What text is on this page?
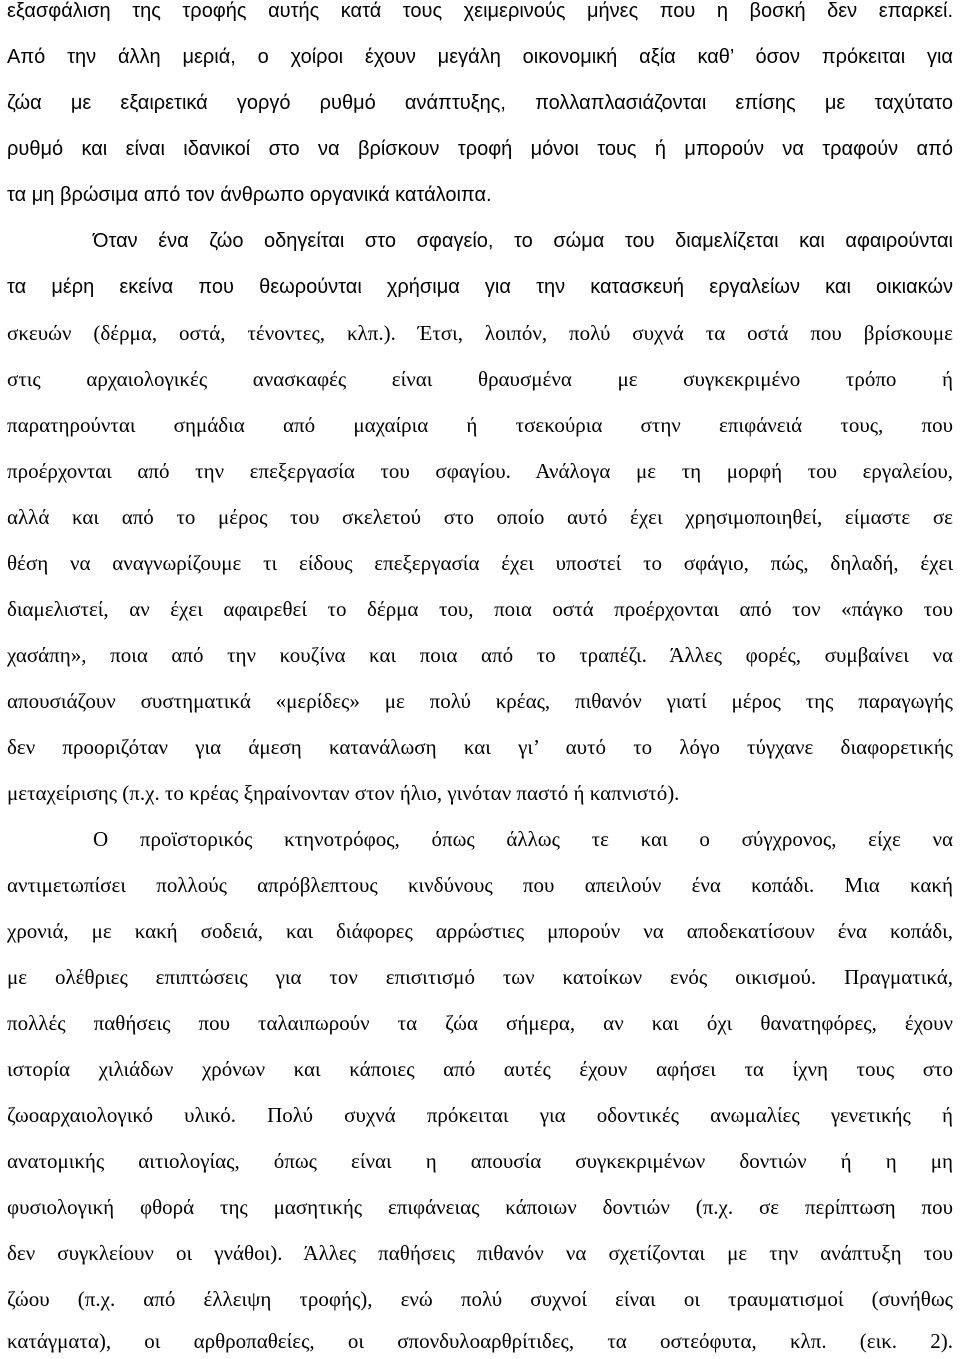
εξασφάλιση της τροφής αυτής κατά τους χειμερινούς μήνες που η βοσκή δεν επαρκεί.
Από την άλλη μεριά, ο χοίροι έχουν μεγάλη οικονομική αξία καθ’ όσον πρόκειται για
ζώα με εξαιρετικά γοργό ρυθμό ανάπτυξης, πολλαπλασιάζονται επίσης με ταχύτατο
ρυθμό και είναι ιδανικοί στο να βρίσκουν τροφή μόνοι τους ή μπορούν να τραφούν από
τα μη βρώσιμα από τον άνθρωπο οργανικά κατάλοιπα.
Όταν ένα ζώο οδηγείται στο σφαγείο, το σώμα του διαμελίζεται και αφαιρούνται
τα μέρη εκείνα που θεωρούνται χρήσιμα για την κατασκευή εργαλείων και οικιακών
σκευών (δέρμα, οστά, τένοντες, κλπ.). Έτσι, λοιπόν, πολύ συχνά τα οστά που βρίσκουμε
στις αρχαιολογικές ανασκαφές είναι θραυσμένα με συγκεκριμένο τρόπο ή
παρατηρούνται σημάδια από μαχαίρια ή τσεκούρια στην επιφάνειά τους, που
προέρχονται από την επεξεργασία του σφαγίου. Ανάλογα με τη μορφή του εργαλείου,
αλλά και από το μέρος του σκελετού στο οποίο αυτό έχει χρησιμοποιηθεί, είμαστε σε
θέση να αναγνωρίζουμε τι είδους επεξεργασία έχει υποστεί το σφάγιο, πώς, δηλαδή, έχει
διαμελιστεί, αν έχει αφαιρεθεί το δέρμα του, ποια οστά προέρχονται από τον «πάγκο του
χασάπη», ποια από την κουζίνα και ποια από το τραπέζι. Άλλες φορές, συμβαίνει να
απουσιάζουν συστηματικά «μερίδες» με πολύ κρέας, πιθανόν γιατί μέρος της παραγωγής
δεν προοριζόταν για άμεση κατανάλωση και γι’ αυτό το λόγο τύγχανε διαφορετικής
μεταχείρισης (π.χ. το κρέας ξηραίνονταν στον ήλιο, γινόταν παστό ή καπνιστό).
Ο προϊστορικός κτηνοτρόφος, όπως άλλως τε και ο σύγχρονος, είχε να
αντιμετωπίσει πολλούς απρόβλεπτους κινδύνους που απειλούν ένα κοπάδι. Μια κακή
χρονιά, με κακή σοδειά, και διάφορες αρρώστιες μπορούν να αποδεκατίσουν ένα κοπάδι,
με ολέθριες επιπτώσεις για τον επισιτισμό των κατοίκων ενός οικισμού. Πραγματικά,
πολλές παθήσεις που ταλαιπωρούν τα ζώα σήμερα, αν και όχι θανατηφόρες, έχουν
ιστορία χιλιάδων χρόνων και κάποιες από αυτές έχουν αφήσει τα ίχνη τους στο
ζωοαρχαιολογικό υλικό. Πολύ συχνά πρόκειται για οδοντικές ανωμαλίες γενετικής ή
ανατομικής αιτιολογίας, όπως είναι η απουσία συγκεκριμένων δοντιών ή η μη
φυσιολογική φθορά της μασητικής επιφάνειας κάποιων δοντιών (π.χ. σε περίπτωση που
δεν συγκλείουν οι γνάθοι). Άλλες παθήσεις πιθανόν να σχετίζονται με την ανάπτυξη του
ζώου (π.χ. από έλλειψη τροφής), ενώ πολύ συχνοί είναι οι τραυματισμοί (συνήθως
κατάγματα), οι αρθροπαθείες, οι σπονδυλοαρθρίτιδες, τα οστεόφυτα, κλπ. (εικ. 2).
